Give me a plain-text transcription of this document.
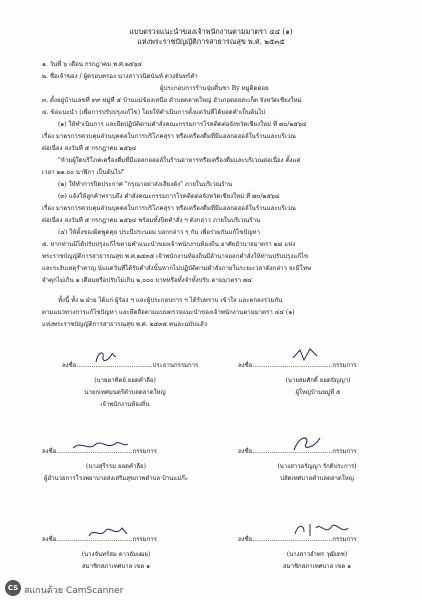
แบบตรวจแนะนำของเจ้าพนักงานตามมาตรา ๔๔ (๑)
แห่งพระราชบัญญัติการสาธารณสุข พ.ศ. ๒๕๓๕
๑. วันที่ ๖ เดือน กรกฎาคม พ.ศ.๒๕๖๔
๒. ชื่อเจ้าของ / ผู้ครอบครอง นางสาววนิดนันท์ ดวงจันทร์คำ
ผู้ประกอบการร้านจุ่มตี๋นชา By หมูติดดอย
๓. ตั้งอยู่บ้านเลขที่ ๙๙ หมู่ที่ ๕ บ้านแม่ข้องเหนือ ตำบลตลาดใหญ่ อำเภอดอยสะเก็ด จังหวัดเชียงใหม่
๔. ข้อแนะนำ (เพื่อการปรับปรุงแก้ไข) โดยให้ดำเนินการตั้งแต่วันที่ได้ยอดคำเป็นต้นไป
(๑) ให้ทำเนินการ และยึดปฏิบัติตามคำสั่งคณะกรรมการโรคติดต่อจังหวัดเชียงใหม่ ที่ ๗๐/๒๕๖๔
เรื่อง มาตรการควบคุมส่วนบุคคลในการบริโภคสุรา หรือเครื่องดื่มที่มีแอลกอฮอล์ในร้านและบริเวณ
ต่อเนื่อง ลงวันที่ ๕ กรกฎาคม ๒๕๖๔
"ห้ามผู้ใดบริโภคเครื่องดื่มที่มีแอลกอฮอล์ในร้านอาหารหรือเครื่องดื่มและบริเวณต่อเนื่อง ตั้งแต่
เวลา ๒๑.๐๐ นาฬิกา เป็นต้นไป"
(๒) ให้ทำการปิดประกาศ "กรุณาอย่าส่งเสียงดัง" ภายในบริเวณร้าน
(๓) แจ้งให้ลูกค้าทราบถึง คำสั่งคณะกรรมการโรคติดต่อจังหวัดเชียงใหม่ ที่ ๗๐/๒๕๖๔
เรื่อง มาตรการควบคุมส่วนบุคคลในการบริโภคสุรา หรือเครื่องดื่มที่มีแอลกอฮอล์ในร้านและบริเวณ
ต่อเนื่อง ลงวันที่ ๕ กรกฎาคม ๒๕๖๔ พร้อมทั้งปิดคำสั่ง ฯ ดังกล่าว ภายในบริเวณร้าน
(๔) ให้ตั้งของผิดพูดคุย ประนีประนอม บอกกล่าว ๆ กัน เพื่อร่วมกันแก้ไขปัญหา
๕. หากท่านมิได้ปรับปรุงแก้ไขตามคำแนะนำของเจ้าพนักงานท้องถิ่น อาศัยอำนาจมาตรา ๒๘ แห่ง
พระราชบัญญัติการสาธารณสุข พ.ศ.๒๕๓๕ เจ้าพนักงานท้องถิ่นมีอำนาจออกคำสั่งให้ท่านปรับปรุงแก้ไข
และระงับเหตุรำคาญ นับแต่วันที่ได้รับคำสั่งนั้นหากไม่ปฏิบัติตามคำสั่งภายในระยะเวลาดังกล่าว จะมีโทษ
จำคุกไม่เกิน ๑ เดือนหรือปรับไม่เกิน ๒,๐๐๐ บาทหรือทั้งจำทั้งปรับ ตามมาตรา ๗๔
ทั้งนี้ ทั้ง ๒ ฝ่าย ได้แก่ ผู้ร้อง ฯ และผู้ประกอบการ ฯ ได้รับทราบ เข้าใจ และตกลงร่วมกัน
ตามแนวทางการแก้ไขปัญหา และยึดถือตามแบบตรวจแนะนำของเจ้าพนักงานตามมาตรา ๔๔ (๑)
แห่งพระราชบัญญัติการสาธารณสุข พ.ศ. ๒๕๓๕ คนละฉบับแล้ว
ลงชื่อ........................................ประธานกรรมการ
(นายอาทิตย์ ยอดคำลือ)
นายกเทศมนตรีตำบลตลาดใหญ่
เจ้าพนักงานท้องถิ่น
ลงชื่อ..........................................กรรมการ
(นายสมศักดิ์ ยอดปัญญา)
ผู้ใหญ่บ้านหมู่ที่ ๕
ลงชื่อ........................................กรรมการ
(นางสุรีรรม ยอดคำลือ)
ผู้อำนวยการโรงพยาบาลส่งเสริมสุขภาพตำบล บ้านแม่ก๊ะ
ลงชื่อ..........................................กรรมการ
(นางสาวอรัญญา รักดิประการ)
ปลัดเทศบาลตำบลตลาดใหญ่
ลงชื่อ........................................กรรมการ
(นางจันทร์สม ดาวอัมเฒย)
สมาชิกสภาเทศบาล เขต ๑
ลงชื่อ..........................................กรรมการ
(นางสาวอำพร วุฒิเดช)
สมาชิกสภาเทศบาล เขต ๑
CS สแกนด้วย CamScanner
